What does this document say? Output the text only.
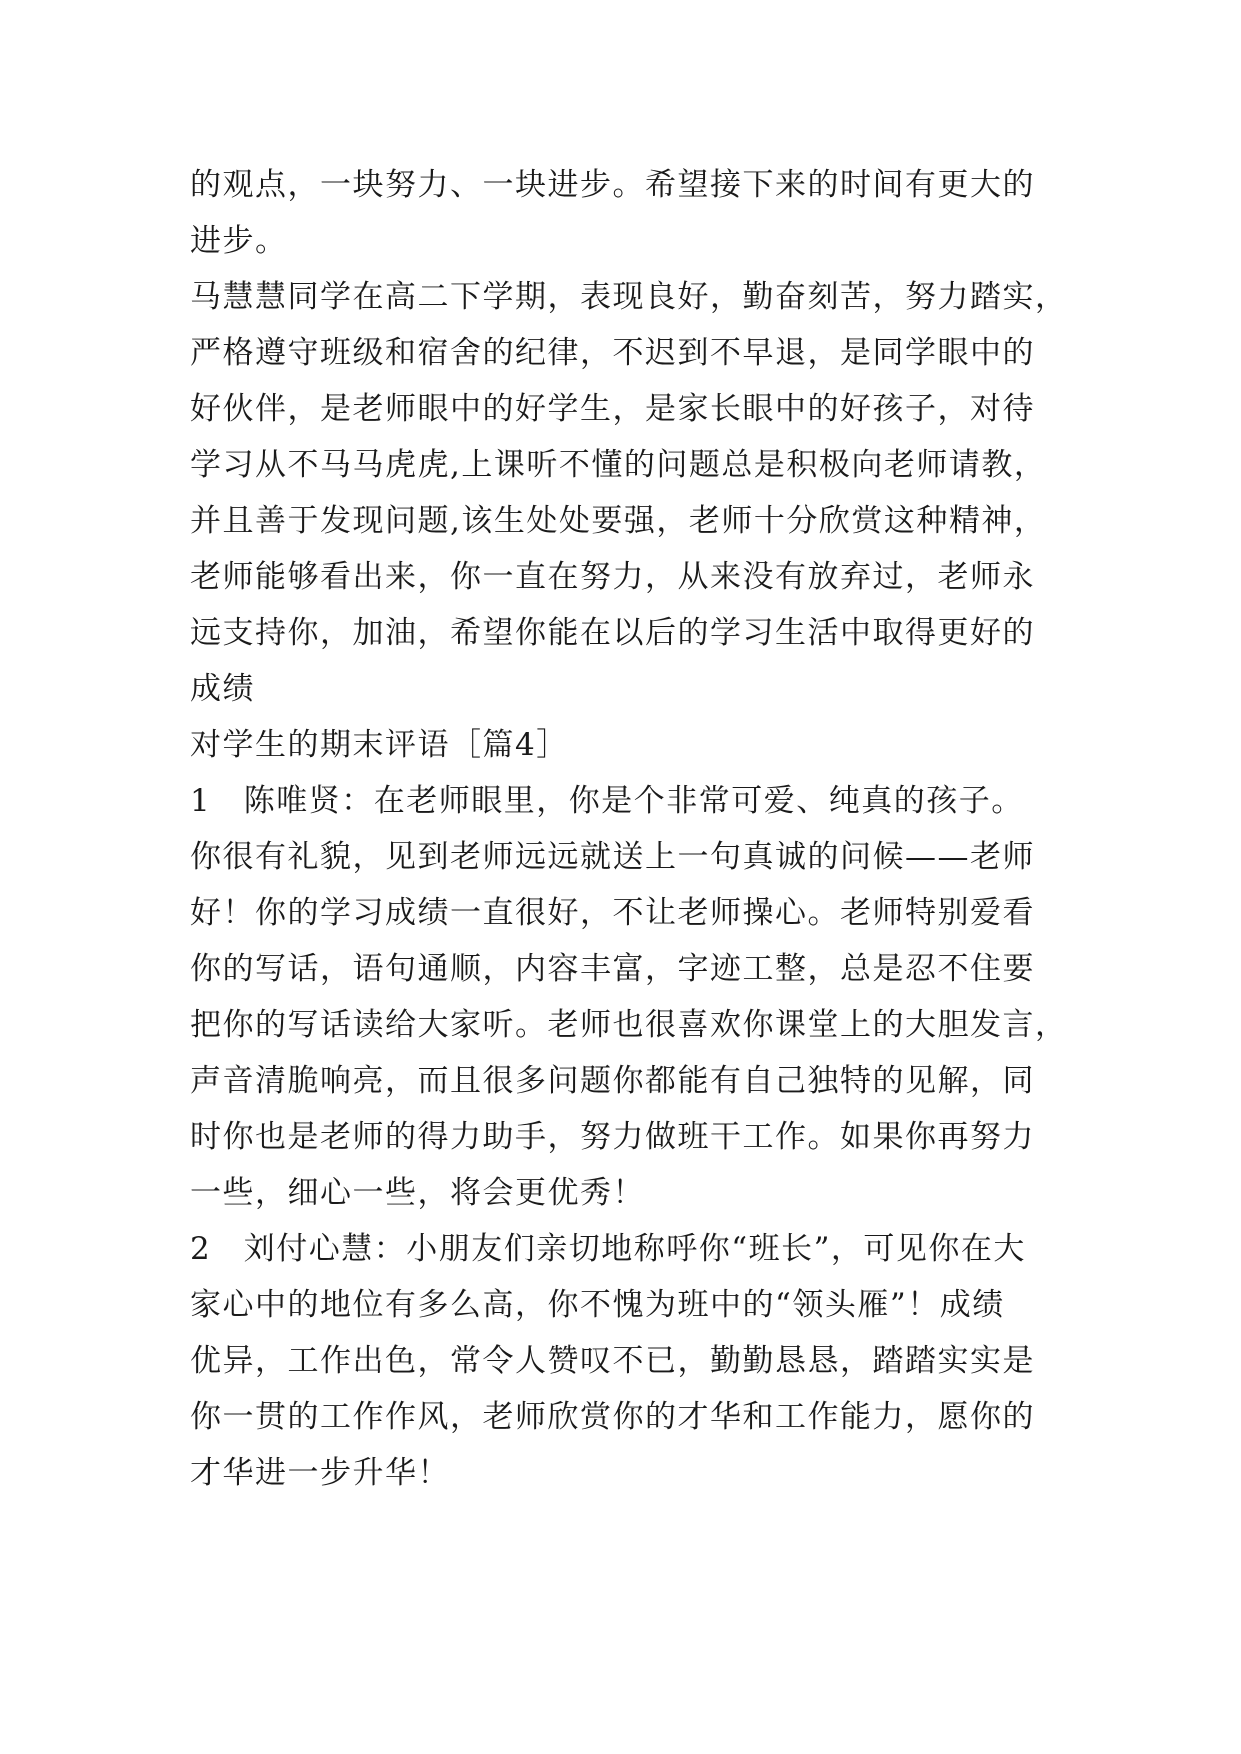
的观点，一块努力、一块进步。希望接下来的时间有更大的
进步。
马慧慧同学在高二下学期，表现良好，勤奋刻苦，努力踏实，
严格遵守班级和宿舍的纪律，不迟到不早退，是同学眼中的
好伙伴，是老师眼中的好学生，是家长眼中的好孩子，对待
学习从不马马虎虎,上课听不懂的问题总是积极向老师请教，
并且善于发现问题,该生处处要强，老师十分欣赏这种精神，
老师能够看出来，你一直在努力，从来没有放弃过，老师永
远支持你，加油，希望你能在以后的学习生活中取得更好的
成绩
对学生的期末评语［篇4］
1　陈唯贤：在老师眼里，你是个非常可爱、纯真的孩子。
你很有礼貌，见到老师远远就送上一句真诚的问候——老师
好！你的学习成绩一直很好，不让老师操心。老师特别爱看
你的写话，语句通顺，内容丰富，字迹工整，总是忍不住要
把你的写话读给大家听。老师也很喜欢你课堂上的大胆发言，
声音清脆响亮，而且很多问题你都能有自己独特的见解，同
时你也是老师的得力助手，努力做班干工作。如果你再努力
一些，细心一些，将会更优秀！
2　刘付心慧：小朋友们亲切地称呼你“班长”，可见你在大
家心中的地位有多么高，你不愧为班中的“领头雁”！成绩
优异，工作出色，常令人赞叹不已，勤勤恳恳，踏踏实实是
你一贯的工作作风，老师欣赏你的才华和工作能力，愿你的
才华进一步升华！
